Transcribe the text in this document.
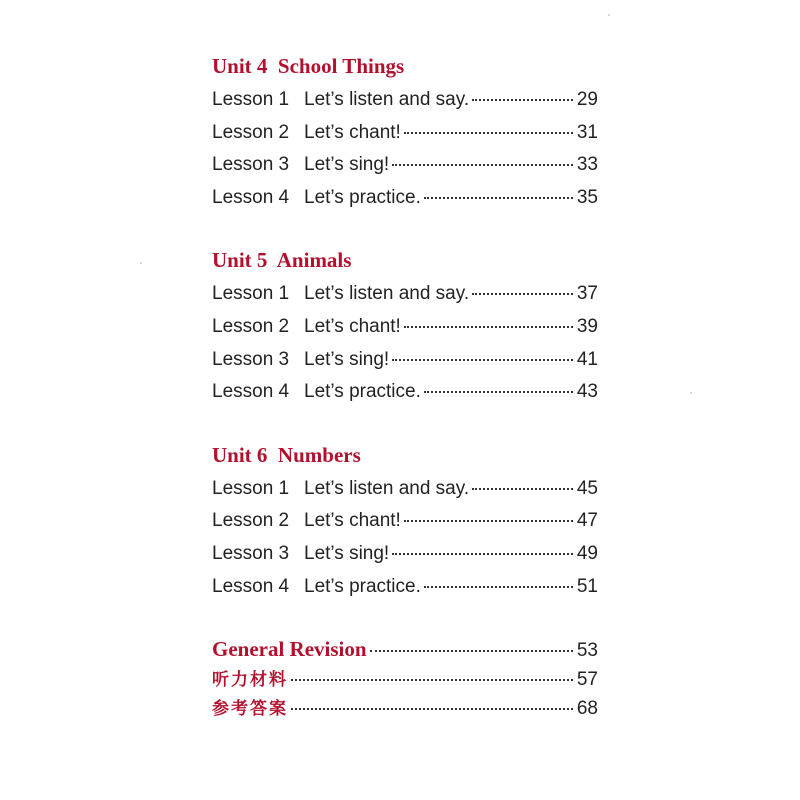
Unit 4  School Things
Lesson 1 Let’s listen and say.	29
Lesson 2 Let’s chant!	31
Lesson 3 Let’s sing!	33
Lesson 4 Let’s practice.	35
Unit 5  Animals
Lesson 1 Let’s listen and say.	37
Lesson 2 Let’s chant!	39
Lesson 3 Let’s sing!	41
Lesson 4 Let’s practice.	43
Unit 6  Numbers
Lesson 1 Let’s listen and say.	45
Lesson 2 Let’s chant!	47
Lesson 3 Let’s sing!	49
Lesson 4 Let’s practice.	51
General Revision	53
听力材料	57
参考答案	68
